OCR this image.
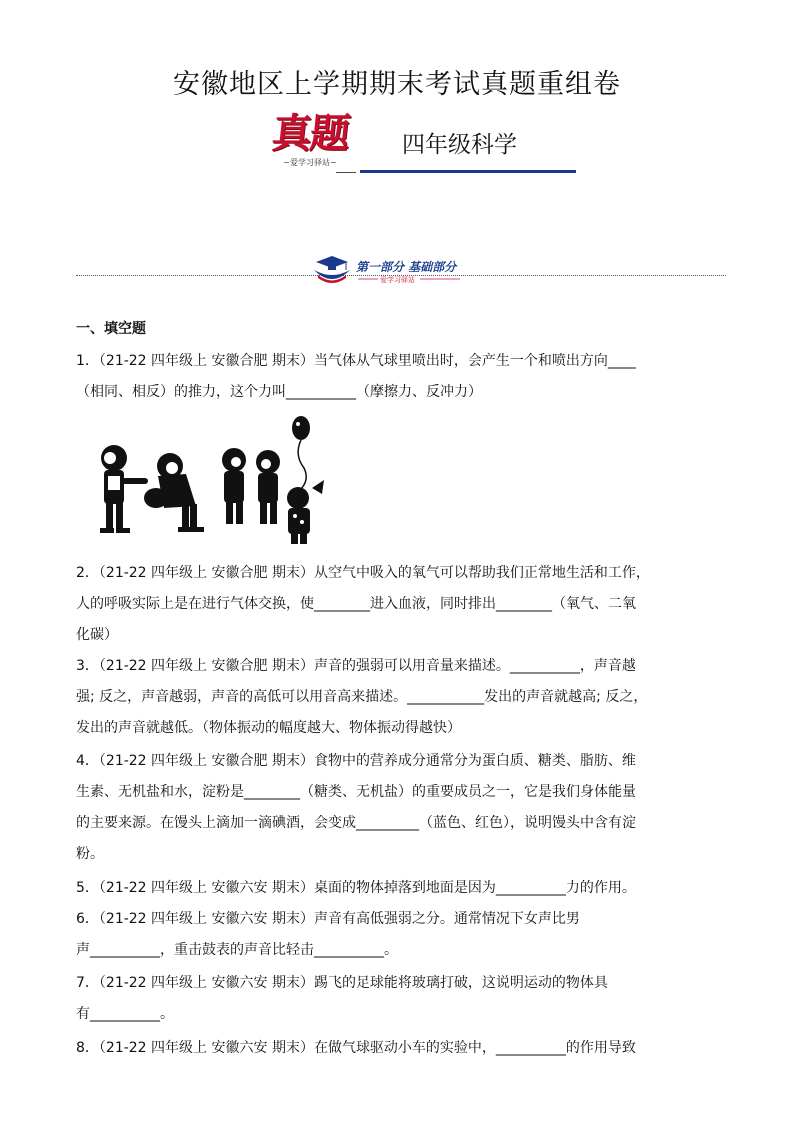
安徽地区上学期期末考试真题重组卷
真题
~爱学习驿站~
四年级科学
第一部分 基础部分
爱学习驿站
一、填空题
1．（21-22 四年级上 安徽合肥 期末）当气体从气球里喷出时，会产生一个和喷出方向____
（相同、相反）的推力，这个力叫__________（摩擦力、反冲力）
2．（21-22 四年级上 安徽合肥 期末）从空气中吸入的氧气可以帮助我们正常地生活和工作，
人的呼吸实际上是在进行气体交换，使________进入血液，同时排出________（氧气、二氧
化碳）
3．（21-22 四年级上 安徽合肥 期末）声音的强弱可以用音量来描述。__________，声音越
强; 反之，声音越弱，声音的高低可以用音高来描述。___________发出的声音就越高; 反之，
发出的声音就越低。（物体振动的幅度越大、物体振动得越快）
4．（21-22 四年级上 安徽合肥 期末）食物中的营养成分通常分为蛋白质、糖类、脂肪、维
生素、无机盐和水，淀粉是________（糖类、无机盐）的重要成员之一，它是我们身体能量
的主要来源。在馒头上滴加一滴碘酒，会变成_________（蓝色、红色），说明馒头中含有淀
粉。
5．（21-22 四年级上 安徽六安 期末）桌面的物体掉落到地面是因为__________力的作用。
6．（21-22 四年级上 安徽六安 期末）声音有高低强弱之分。通常情况下女声比男
声__________，重击鼓表的声音比轻击__________。
7．（21-22 四年级上 安徽六安 期末）踢飞的足球能将玻璃打破，这说明运动的物体具
有__________。
8．（21-22 四年级上 安徽六安 期末）在做气球驱动小车的实验中，__________的作用导致
